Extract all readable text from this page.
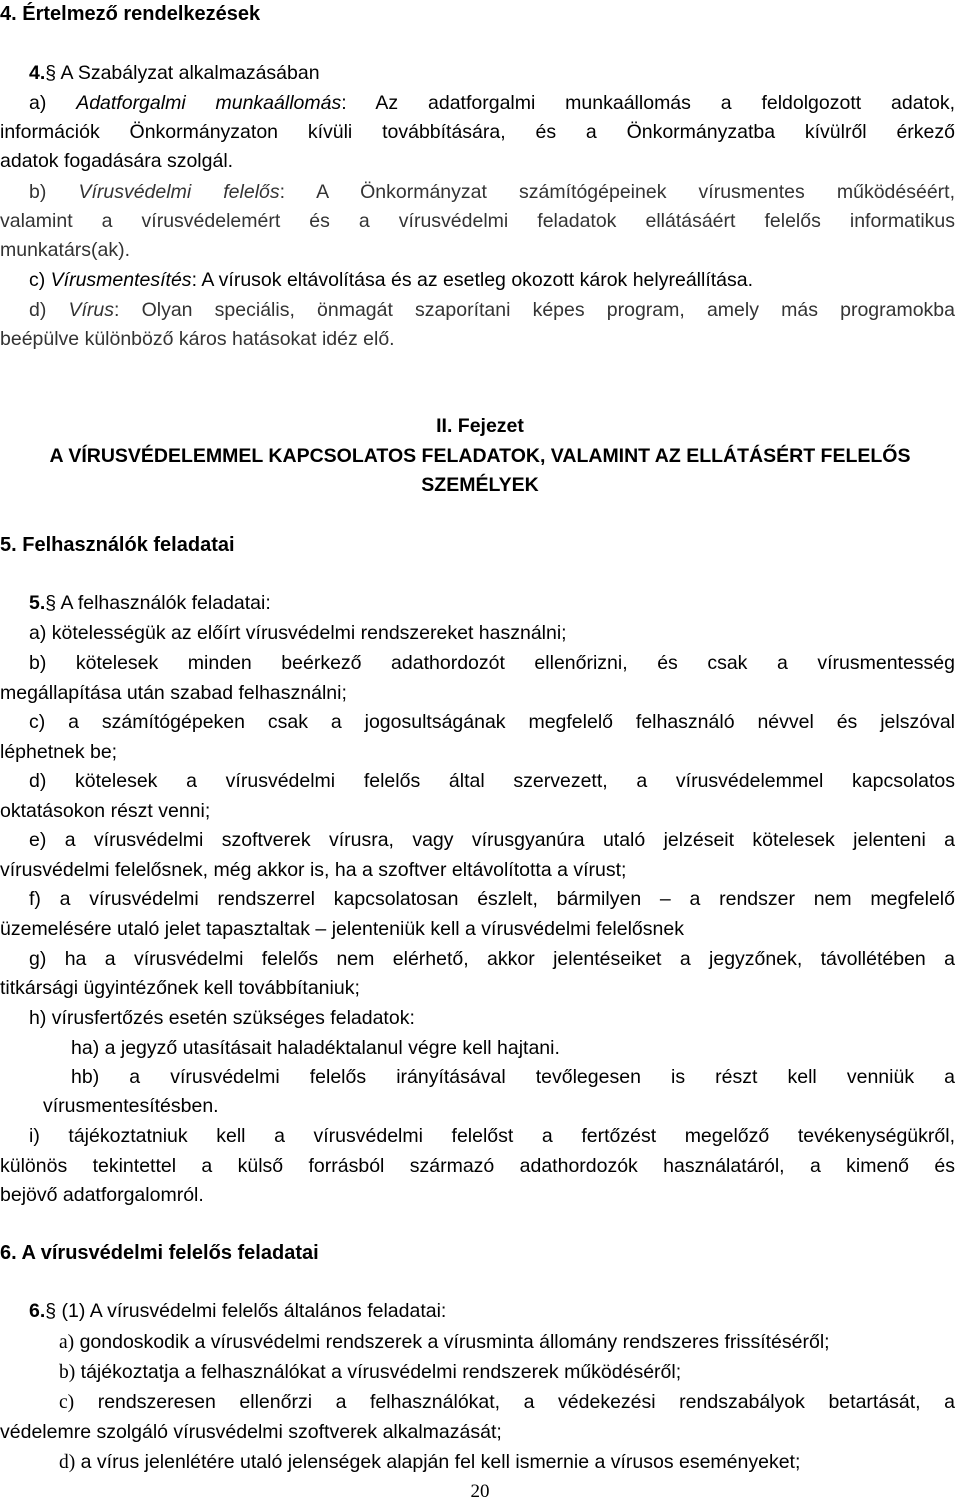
4. Értelmező rendelkezések
4.§ A Szabályzat alkalmazásában
a) Adatforgalmi munkaállomás: Az adatforgalmi munkaállomás a feldolgozott adatok,
információk Önkormányzaton kívüli továbbítására, és a Önkormányzatba kívülről érkező
adatok fogadására szolgál.
b) Vírusvédelmi felelős: A Önkormányzat számítógépeinek vírusmentes működéséért,
valamint a vírusvédelemért és a vírusvédelmi feladatok ellátásáért felelős informatikus
munkatárs(ak).
c) Vírusmentesítés: A vírusok eltávolítása és az esetleg okozott károk helyreállítása.
d) Vírus: Olyan speciális, önmagát szaporítani képes program, amely más programokba
beépülve különböző káros hatásokat idéz elő.
II. Fejezet
A VÍRUSVÉDELEMMEL KAPCSOLATOS FELADATOK, VALAMINT AZ ELLÁTÁSÉRT FELELŐS
SZEMÉLYEK
5. Felhasználók feladatai
5.§ A felhasználók feladatai:
a) kötelességük az előírt vírusvédelmi rendszereket használni;
b) kötelesek minden beérkező adathordozót ellenőrizni, és csak a vírusmentesség
megállapítása után szabad felhasználni;
c) a számítógépeken csak a jogosultságának megfelelő felhasználó névvel és jelszóval
léphetnek be;
d) kötelesek a vírusvédelmi felelős által szervezett, a vírusvédelemmel kapcsolatos
oktatásokon részt venni;
e) a vírusvédelmi szoftverek vírusra, vagy vírusgyanúra utaló jelzéseit kötelesek jelenteni a
vírusvédelmi felelősnek, még akkor is, ha a szoftver eltávolította a vírust;
f) a vírusvédelmi rendszerrel kapcsolatosan észlelt, bármilyen – a rendszer nem megfelelő
üzemelésére utaló jelet tapasztaltak – jelenteniük kell a vírusvédelmi felelősnek
g) ha a vírusvédelmi felelős nem elérhető, akkor jelentéseiket a jegyzőnek, távollétében a
titkársági ügyintézőnek kell továbbítaniuk;
h) vírusfertőzés esetén szükséges feladatok:
ha) a jegyző utasításait haladéktalanul végre kell hajtani.
hb) a vírusvédelmi felelős irányításával tevőlegesen is részt kell venniük a
vírusmentesítésben.
i) tájékoztatniuk kell a vírusvédelmi felelőst a fertőzést megelőző tevékenységükről,
különös tekintettel a külső forrásból származó adathordozók használatáról, a kimenő és
bejövő adatforgalomról.
6. A vírusvédelmi felelős feladatai
6.§ (1) A vírusvédelmi felelős általános feladatai:
a) gondoskodik a vírusvédelmi rendszerek a vírusminta állomány rendszeres frissítéséről;
b) tájékoztatja a felhasználókat a vírusvédelmi rendszerek működéséről;
c) rendszeresen ellenőrzi a felhasználókat, a védekezési rendszabályok betartását, a
védelemre szolgáló vírusvédelmi szoftverek alkalmazását;
d) a vírus jelenlétére utaló jelenségek alapján fel kell ismernie a vírusos eseményeket;
20
